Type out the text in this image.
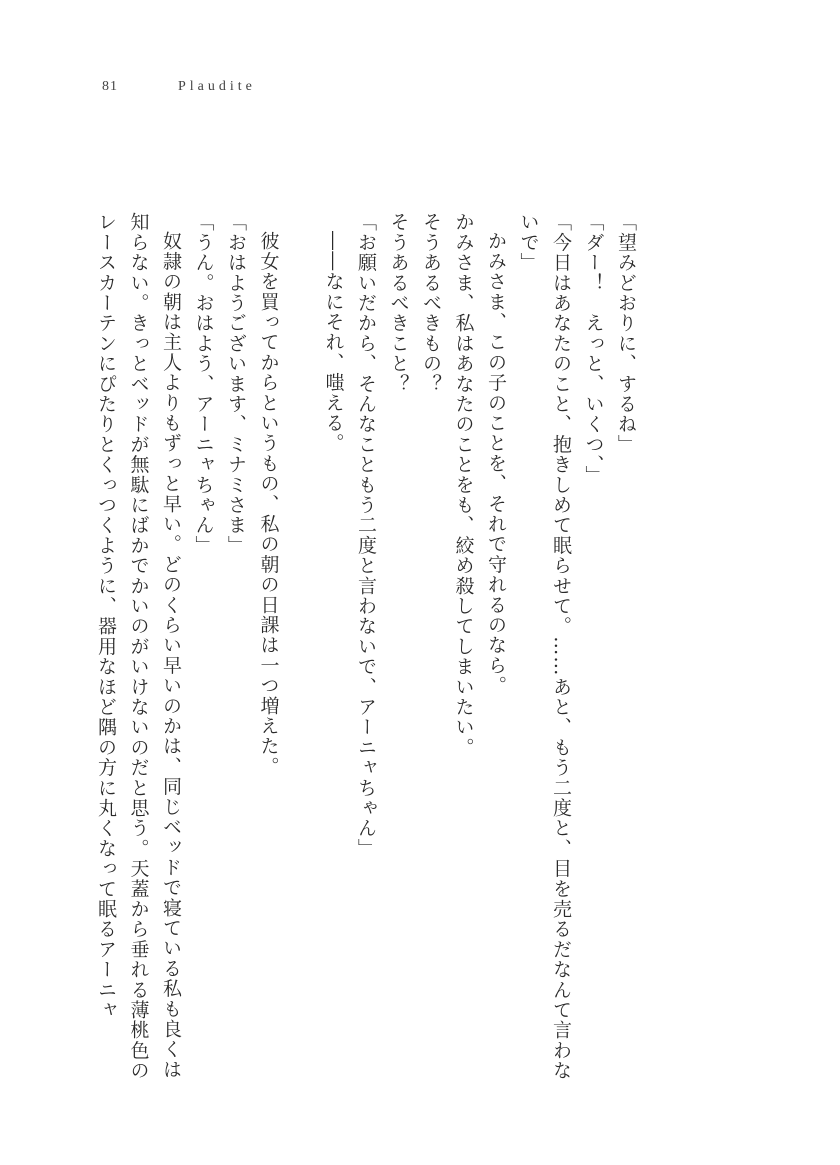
81	Plaudite

「望みどおりに、するね」

「ダー！　えっと、いくつ、」

「今日はあなたのこと、抱きしめて眠らせて。……あと、もう二度と、目を売るだなんて言わないで」

かみさま、この子のことを、それで守れるのなら。

かみさま、私はあなたのことをも、絞め殺してしまいたい。

そうあるべきもの？

そうあるべきこと？

「お願いだから、そんなこともう二度と言わないで、アーニャちゃん」

――なにそれ、嗤える。

彼女を買ってからというもの、私の朝の日課は一つ増えた。

「おはようございます、ミナミさま」

「うん。おはよう、アーニャちゃん」

奴隷の朝は主人よりもずっと早い。どのくらい早いのかは、同じベッドで寝ている私も良くは知らない。きっとベッドが無駄にばかでかいのがいけないのだと思う。天蓋から垂れる薄桃色のレースカーテンにぴたりとくっつくように、器用なほど隅の方に丸くなって眠るアーニャ
